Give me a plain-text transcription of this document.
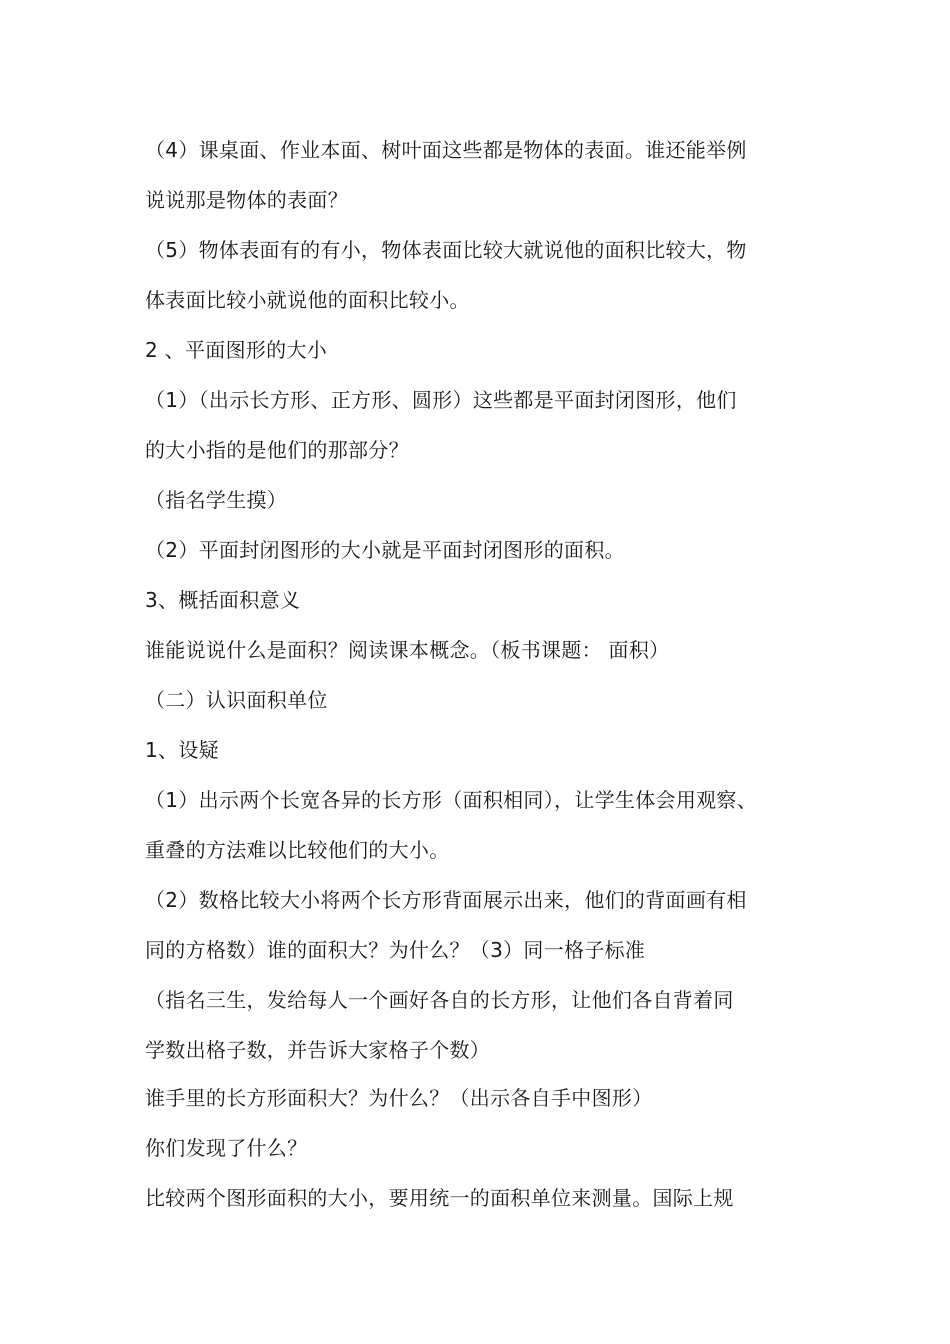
（4）课桌面、作业本面、树叶面这些都是物体的表面。谁还能举例
说说那是物体的表面？
（5）物体表面有的有小，物体表面比较大就说他的面积比较大，物
体表面比较小就说他的面积比较小。
2 、平面图形的大小
（1）（出示长方形、正方形、圆形）这些都是平面封闭图形，他们
的大小指的是他们的那部分？
（指名学生摸）
（2）平面封闭图形的大小就是平面封闭图形的面积。
3、概括面积意义
谁能说说什么是面积？阅读课本概念。（板书课题： 面积）
（二）认识面积单位
1、设疑
（1）出示两个长宽各异的长方形（面积相同），让学生体会用观察、
重叠的方法难以比较他们的大小。
（2）数格比较大小将两个长方形背面展示出来，他们的背面画有相
同的方格数）谁的面积大？为什么？（3）同一格子标准
（指名三生，发给每人一个画好各自的长方形，让他们各自背着同
学数出格子数，并告诉大家格子个数）
谁手里的长方形面积大？为什么？（出示各自手中图形）
你们发现了什么？
比较两个图形面积的大小，要用统一的面积单位来测量。国际上规
